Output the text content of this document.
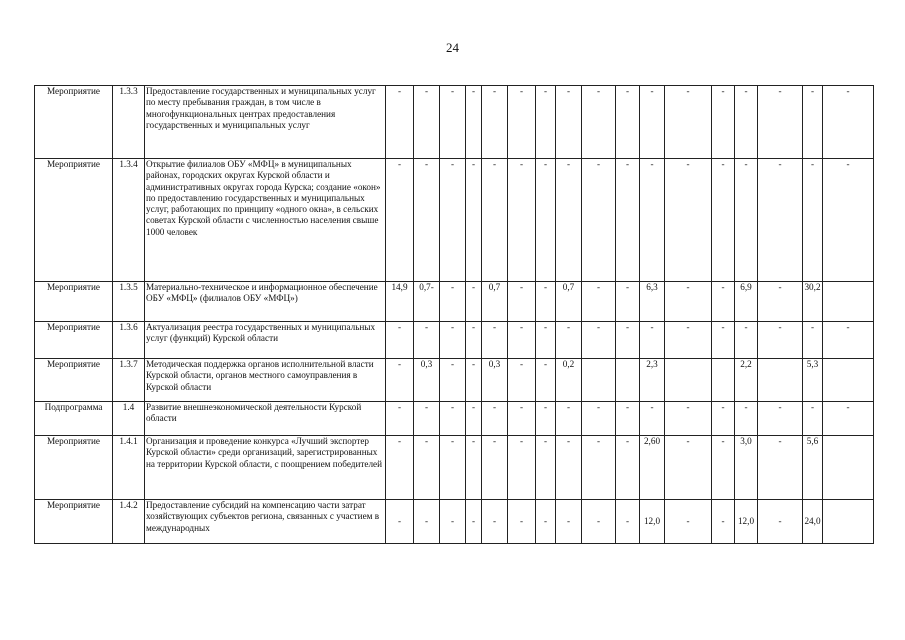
24
Мероприятие	1.3.3	Предоставление государственных и муниципальных услуг по месту пребывания граждан, в том числе в многофункциональных центрах предоставления государственных и муниципальных услуг	-	-	-	-	-	-	-	-	-	-	-	-	-	-	-	-	-
Мероприятие	1.3.4	Открытие филиалов ОБУ «МФЦ» в муниципальных районах, городских округах Курской области и административных округах города Курска; создание «окон» по предоставлению государственных и муниципальных услуг, работающих по принципу «одного окна», в сельских советах Курской области с численностью населения свыше 1000 человек	-	-	-	-	-	-	-	-	-	-	-	-	-	-	-	-	-
Мероприятие	1.3.5	Материально-техническое и информационное обеспечение ОБУ «МФЦ» (филиалов ОБУ «МФЦ»)	14,9	0,7-	-	-	0,7	-	-	0,7	-	-	6,3	-	-	6,9	-	30,2	
Мероприятие	1.3.6	Актуализация реестра государственных и муниципальных услуг (функций) Курской области	-	-	-	-	-	-	-	-	-	-	-	-	-	-	-	-	-
Мероприятие	1.3.7	Методическая поддержка органов исполнительной власти Курской области, органов местного самоуправления в Курской области	-	0,3	-	-	0,3	-	-	0,2			2,3			2,2		5,3	
Подпрограмма	1.4	Развитие внешнеэкономической деятельности Курской области	-	-	-	-	-	-	-	-	-	-	-	-	-	-	-	-	-
Мероприятие	1.4.1	Организация и проведение конкурса «Лучший экспортер Курской области» среди организаций, зарегистрированных на территории Курской области, с поощрением победителей	-	-	-	-	-	-	-	-	-	-	2,60	-	-	3,0	-	5,6	
Мероприятие	1.4.2	Предоставление субсидий на компенсацию части затрат хозяйствующих субъектов региона, связанных с участием в международных	-	-	-	-	-	-	-	-	-	-	12,0	-	-	12,0	-	24,0	
